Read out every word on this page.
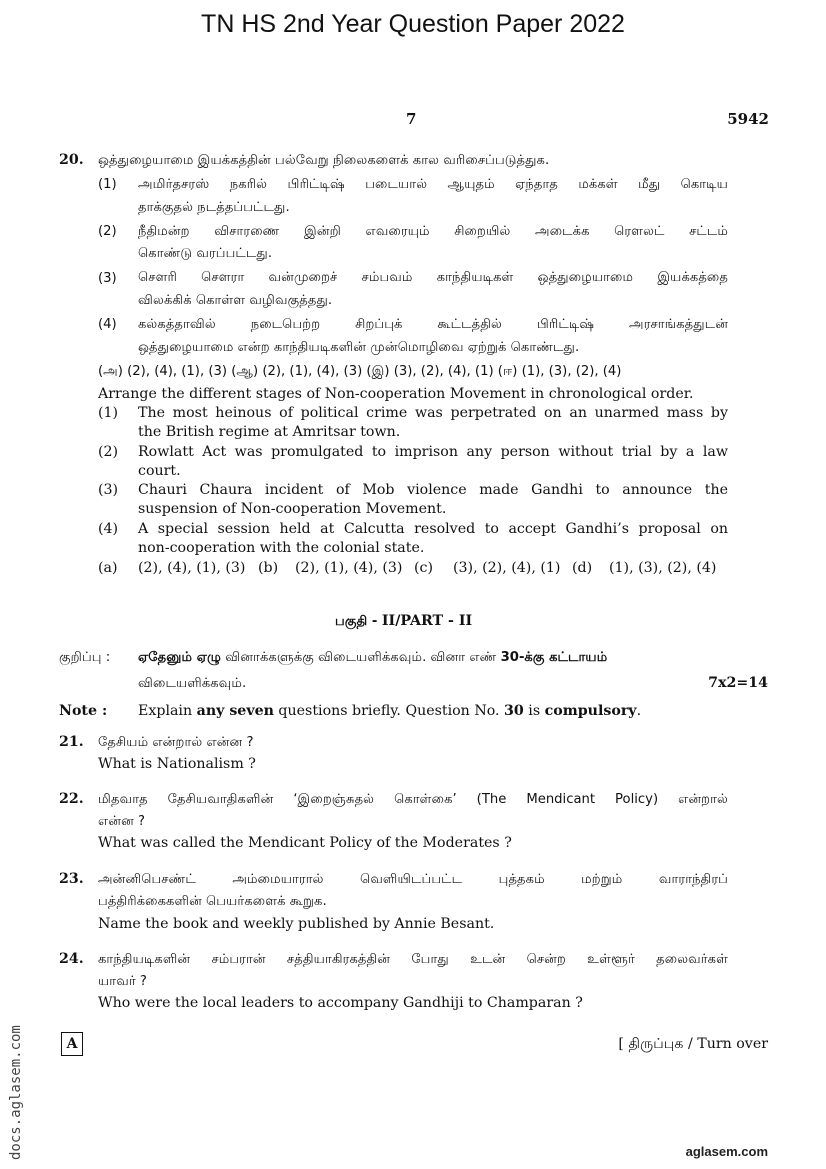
TN HS 2nd Year Question Paper 2022
7	5942
20. ஒத்துழையாமை இயக்கத்தின் பல்வேறு நிலைகளைக் கால வரிசைப்படுத்துக.
(1) அமிர்தசரஸ் நகரில் பிரிட்டிஷ் படையால் ஆயுதம் ஏந்தாத மக்கள் மீது கொடிய
தாக்குதல் நடத்தப்பட்டது.
(2) நீதிமன்ற விசாரணை இன்றி எவரையும் சிறையில் அடைக்க ரௌலட் சட்டம்
கொண்டு வரப்பட்டது.
(3) சௌரி சௌரா வன்முறைச் சம்பவம் காந்தியடிகள் ஒத்துழையாமை இயக்கத்தை
விலக்கிக் கொள்ள வழிவகுத்தது.
(4) கல்கத்தாவில் நடைபெற்ற சிறப்புக் கூட்டத்தில் பிரிட்டிஷ் அரசாங்கத்துடன்
ஒத்துழையாமை என்ற காந்தியடிகளின் முன்மொழிவை ஏற்றுக் கொண்டது.
(அ) (2), (4), (1), (3) (ஆ) (2), (1), (4), (3) (இ) (3), (2), (4), (1) (ஈ) (1), (3), (2), (4)
Arrange the different stages of Non-cooperation Movement in chronological order.
(1) The most heinous of political crime was perpetrated on an unarmed mass by
the British regime at Amritsar town.
(2) Rowlatt Act was promulgated to imprison any person without trial by a law
court.
(3) Chauri Chaura incident of Mob violence made Gandhi to announce the
suspension of Non-cooperation Movement.
(4) A special session held at Calcutta resolved to accept Gandhi’s proposal on
non-cooperation with the colonial state.
(a) (2), (4), (1), (3) (b) (2), (1), (4), (3) (c) (3), (2), (4), (1) (d) (1), (3), (2), (4)
பகுதி - II/PART - II
குறிப்பு : ஏதேனும் ஏழு வினாக்களுக்கு விடையளிக்கவும். வினா எண் 30-க்கு கட்டாயம்
விடையளிக்கவும்.	7x2=14
Note : Explain any seven questions briefly. Question No. 30 is compulsory.
21. தேசியம் என்றால் என்ன ?
What is Nationalism ?
22. மிதவாத தேசியவாதிகளின் ‘இறைஞ்சுதல் கொள்கை’ (The Mendicant Policy) என்றால்
என்ன ?
What was called the Mendicant Policy of the Moderates ?
23. அன்னிபெசண்ட் அம்மையாரால் வெளியிடப்பட்ட புத்தகம் மற்றும் வாராந்திரப்
பத்திரிக்கைகளின் பெயர்களைக் கூறுக.
Name the book and weekly published by Annie Besant.
24. காந்தியடிகளின் சம்பரான் சத்தியாகிரகத்தின் போது உடன் சென்ற உள்ளூர் தலைவர்கள்
யாவர் ?
Who were the local leaders to accompany Gandhiji to Champaran ?
A	[ திருப்புக / Turn over
docs.aglasem.com	aglasem.com
